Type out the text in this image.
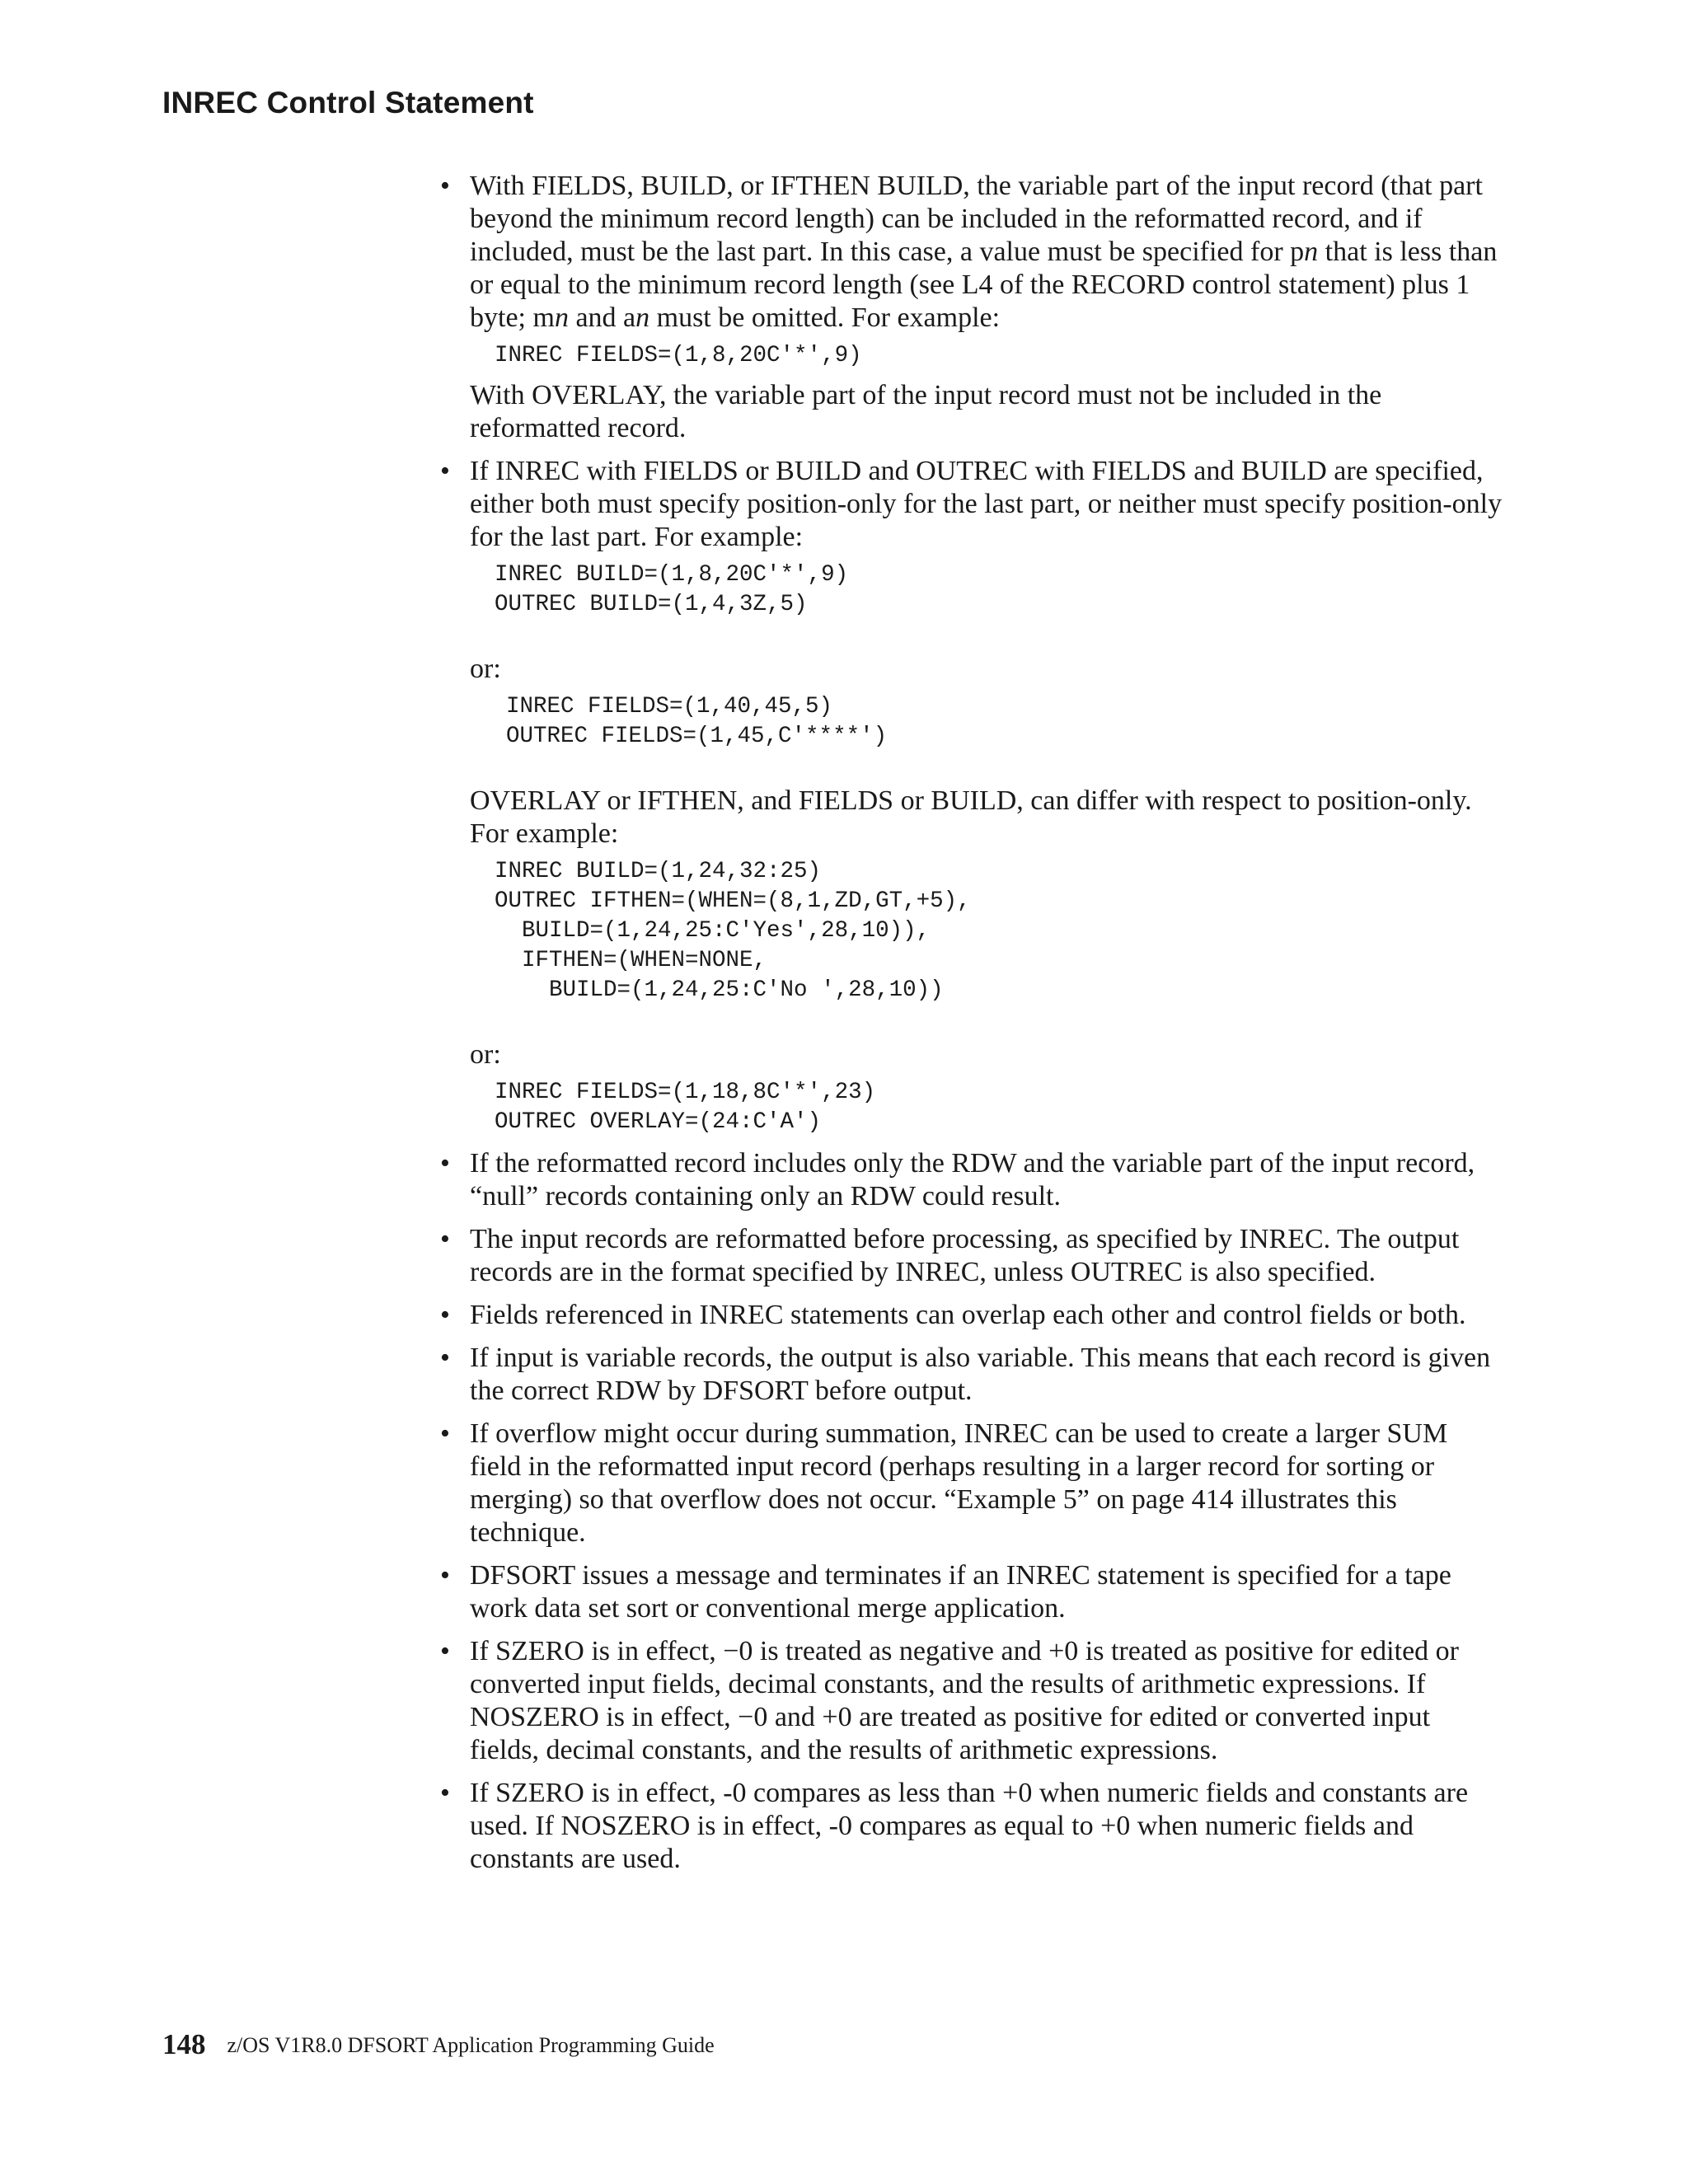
INREC Control Statement
• With FIELDS, BUILD, or IFTHEN BUILD, the variable part of the input record (that part beyond the minimum record length) can be included in the reformatted record, and if included, must be the last part. In this case, a value must be specified for pn that is less than or equal to the minimum record length (see L4 of the RECORD control statement) plus 1 byte; mn and an must be omitted. For example:

INREC FIELDS=(1,8,20C'*',9)

With OVERLAY, the variable part of the input record must not be included in the reformatted record.

• If INREC with FIELDS or BUILD and OUTREC with FIELDS and BUILD are specified, either both must specify position-only for the last part, or neither must specify position-only for the last part. For example:

INREC BUILD=(1,8,20C'*',9)
OUTREC BUILD=(1,4,3Z,5)

or:

INREC FIELDS=(1,40,45,5)
OUTREC FIELDS=(1,45,C'****')

OVERLAY or IFTHEN, and FIELDS or BUILD, can differ with respect to position-only. For example:

INREC BUILD=(1,24,32:25)
OUTREC IFTHEN=(WHEN=(8,1,ZD,GT,+5),
BUILD=(1,24,25:C'Yes',28,10)),
IFTHEN=(WHEN=NONE,
BUILD=(1,24,25:C'No ',28,10))

or:

INREC FIELDS=(1,18,8C'*',23)
OUTREC OVERLAY=(24:C'A')
• If the reformatted record includes only the RDW and the variable part of the input record, “null” records containing only an RDW could result.

• The input records are reformatted before processing, as specified by INREC. The output records are in the format specified by INREC, unless OUTREC is also specified.

• Fields referenced in INREC statements can overlap each other and control fields or both.

• If input is variable records, the output is also variable. This means that each record is given the correct RDW by DFSORT before output.

• If overflow might occur during summation, INREC can be used to create a larger SUM field in the reformatted input record (perhaps resulting in a larger record for sorting or merging) so that overflow does not occur. “Example 5” on page 414 illustrates this technique.

• DFSORT issues a message and terminates if an INREC statement is specified for a tape work data set sort or conventional merge application.

• If SZERO is in effect, −0 is treated as negative and +0 is treated as positive for edited or converted input fields, decimal constants, and the results of arithmetic expressions. If NOSZERO is in effect, −0 and +0 are treated as positive for edited or converted input fields, decimal constants, and the results of arithmetic expressions.

• If SZERO is in effect, -0 compares as less than +0 when numeric fields and constants are used. If NOSZERO is in effect, -0 compares as equal to +0 when numeric fields and constants are used.

148 z/OS V1R8.0 DFSORT Application Programming Guide
